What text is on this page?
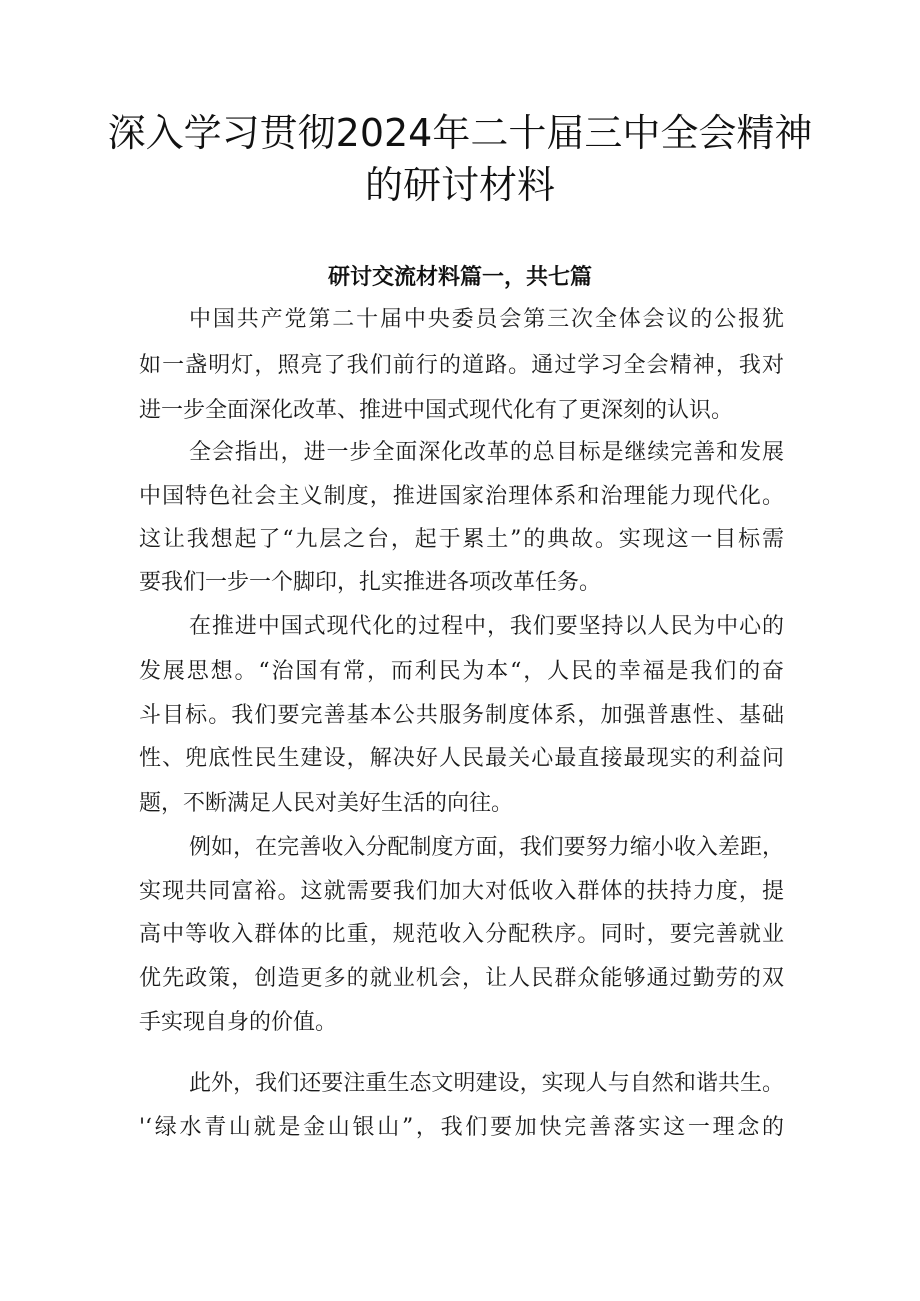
深入学习贯彻2024年二十届三中全会精神
的研讨材料
研讨交流材料篇一，共七篇
中国共产党第二十届中央委员会第三次全体会议的公报犹
如一盏明灯，照亮了我们前行的道路。通过学习全会精神，我对
进一步全面深化改革、推进中国式现代化有了更深刻的认识。
全会指出，进一步全面深化改革的总目标是继续完善和发展
中国特色社会主义制度，推进国家治理体系和治理能力现代化。
这让我想起了“九层之台，起于累土”的典故。实现这一目标需
要我们一步一个脚印，扎实推进各项改革任务。
在推进中国式现代化的过程中，我们要坚持以人民为中心的
发展思想。“治国有常，而利民为本“，人民的幸福是我们的奋
斗目标。我们要完善基本公共服务制度体系，加强普惠性、基础
性、兜底性民生建设，解决好人民最关心最直接最现实的利益问
题，不断满足人民对美好生活的向往。
例如，在完善收入分配制度方面，我们要努力缩小收入差距，
实现共同富裕。这就需要我们加大对低收入群体的扶持力度，提
高中等收入群体的比重，规范收入分配秩序。同时，要完善就业
优先政策，创造更多的就业机会，让人民群众能够通过勤劳的双
手实现自身的价值。
此外，我们还要注重生态文明建设，实现人与自然和谐共生。
'‘绿水青山就是金山银山”，我们要加快完善落实这一理念的
